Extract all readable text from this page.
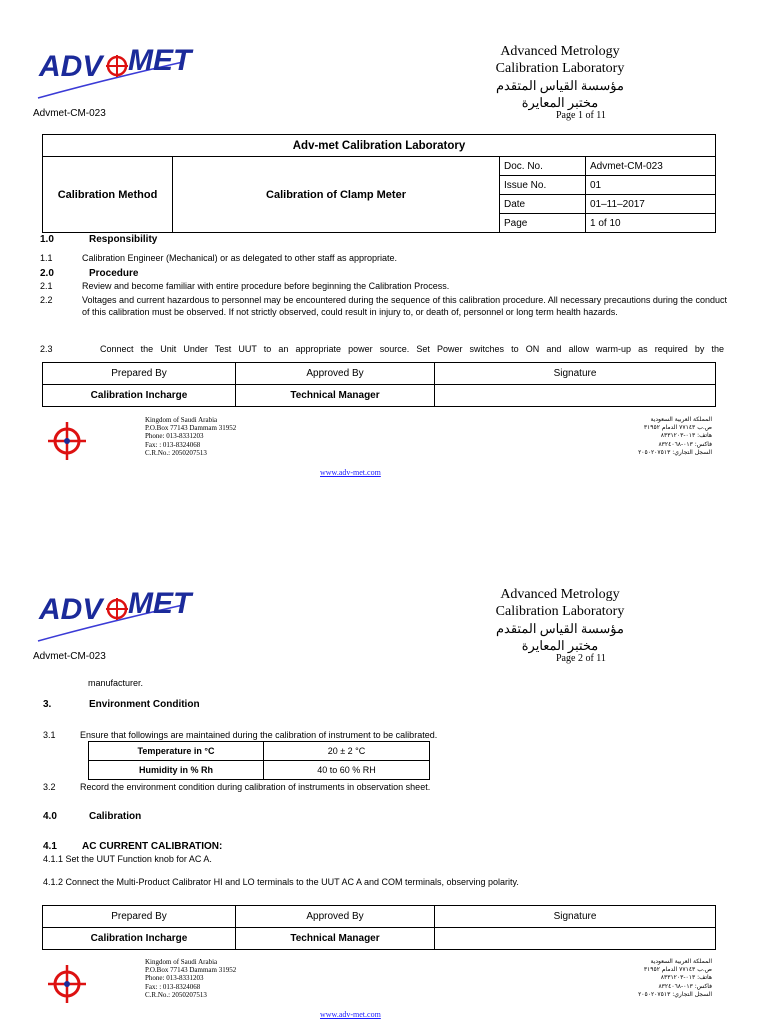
ADV MET	Advanced Metrology
Calibration Laboratory
مؤسسة القياس المتقدم
مختبر المعايرة
Advmet-CM-023	Page 1 of 11
Adv-met Calibration Laboratory			
Calibration Method	Calibration of Clamp Meter	Doc. No.	Advmet-CM-023
		Issue No.	01
		Date	01–11–2017
		Page	1 of 10
1.0	Responsibility
1.1	Calibration Engineer (Mechanical) or as delegated to other staff as appropriate.
2.0	Procedure
2.1	Review and become familiar with entire procedure before beginning the Calibration Process.
2.2	Voltages and current hazardous to personnel may be encountered during the sequence of this calibration procedure. All necessary precautions during the conduct of this calibration must be observed. If not strictly observed, could result in injury to, or death of, personnel or long term health hazards.
2.3	Connect the Unit Under Test UUT to an appropriate power source. Set Power switches to ON and allow warm-up as required by the
Prepared By	Approved By	Signature
Calibration Incharge	Technical Manager	
Kingdom of Saudi Arabia
P.O.Box 77143 Dammam 31952
Phone: 013-8331203
Fax: : 013-8324068
C.R.No.: 2050207513
المملكة العربية السعودية
ص.ب ٧٧١٤٣ الدمام ٣١٩٥٢
هاتف: ٠١٣-٨٣٣١٢٠٣
فاكس: ٠١٣-٨٣٢٤٠٦٨
السجل التجاري: ٢٠٥٠٢٠٧٥١٣
www.adv-met.com
ADV MET	Advanced Metrology
Calibration Laboratory
مؤسسة القياس المتقدم
مختبر المعايرة
Advmet-CM-023	Page 2 of 11
manufacturer.
3.	Environment Condition
3.1	Ensure that followings are maintained during the calibration of instrument to be calibrated.
Temperature in °C	20 ± 2 °C
Humidity in % Rh	40 to 60 % RH
3.2	Record the environment condition during calibration of instruments in observation sheet.
4.0	Calibration
4.1	AC CURRENT CALIBRATION:
4.1.1 Set the UUT Function knob for AC A.
4.1.2 Connect the Multi-Product Calibrator HI and LO terminals to the UUT AC A and COM terminals, observing polarity.
Prepared By	Approved By	Signature
Calibration Incharge	Technical Manager	
Kingdom of Saudi Arabia
P.O.Box 77143 Dammam 31952
Phone: 013-8331203
Fax: : 013-8324068
C.R.No.: 2050207513
المملكة العربية السعودية
ص.ب ٧٧١٤٣ الدمام ٣١٩٥٢
هاتف: ٠١٣-٨٣٣١٢٠٣
فاكس: ٠١٣-٨٣٢٤٠٦٨
السجل التجاري: ٢٠٥٠٢٠٧٥١٣
www.adv-met.com
